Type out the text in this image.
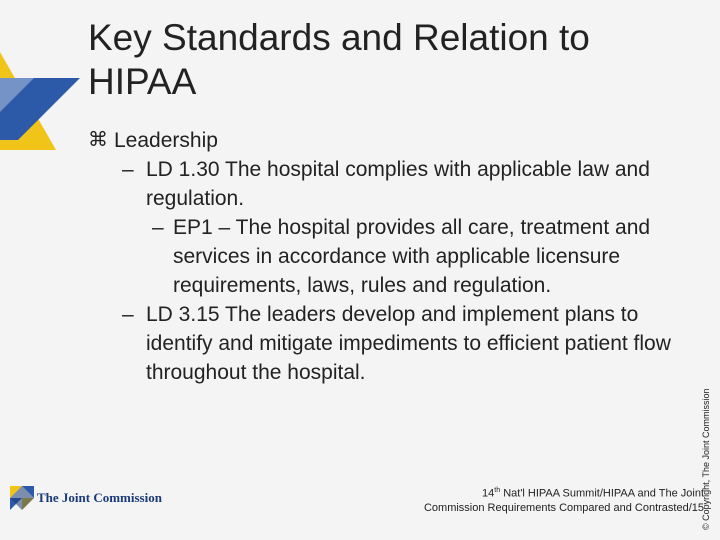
Key Standards and Relation to HIPAA
⌘ Leadership
– LD 1.30 The hospital complies with applicable law and regulation.
– EP1 – The hospital provides all care, treatment and services in accordance with applicable licensure requirements, laws, rules and regulation.
– LD 3.15 The leaders develop and implement plans to identify and mitigate impediments to efficient patient flow throughout the hospital.
The Joint Commission	14th Nat'l HIPAA Summit/HIPAA and The Joint
Commission Requirements Compared and Contrasted/15
© Copyright, The Joint Commission
